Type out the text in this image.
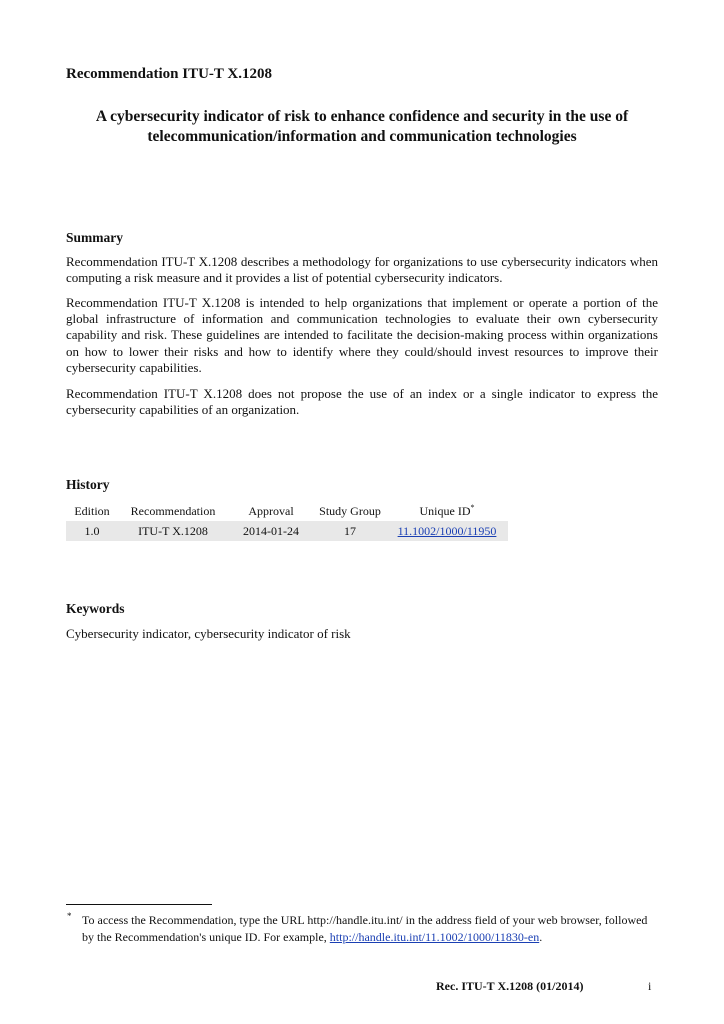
Recommendation ITU-T X.1208
A cybersecurity indicator of risk to enhance confidence and security in the use of
telecommunication/information and communication technologies
Summary
Recommendation ITU-T X.1208 describes a methodology for organizations to use cybersecurity indicators when computing a risk measure and it provides a list of potential cybersecurity indicators.
Recommendation ITU-T X.1208 is intended to help organizations that implement or operate a portion of the global infrastructure of information and communication technologies to evaluate their own cybersecurity capability and risk. These guidelines are intended to facilitate the decision-making process within organizations on how to lower their risks and how to identify where they could/should invest resources to improve their cybersecurity capabilities.
Recommendation ITU-T X.1208 does not propose the use of an index or a single indicator to express the cybersecurity capabilities of an organization.
History
Edition	Recommendation	Approval	Study Group	Unique ID*
1.0	ITU-T X.1208	2014-01-24	17	11.1002/1000/11950
Keywords
Cybersecurity indicator, cybersecurity indicator of risk
* To access the Recommendation, type the URL http://handle.itu.int/ in the address field of your web browser, followed by the Recommendation's unique ID. For example, http://handle.itu.int/11.1002/1000/11830-en.
Rec. ITU-T X.1208 (01/2014)	i
